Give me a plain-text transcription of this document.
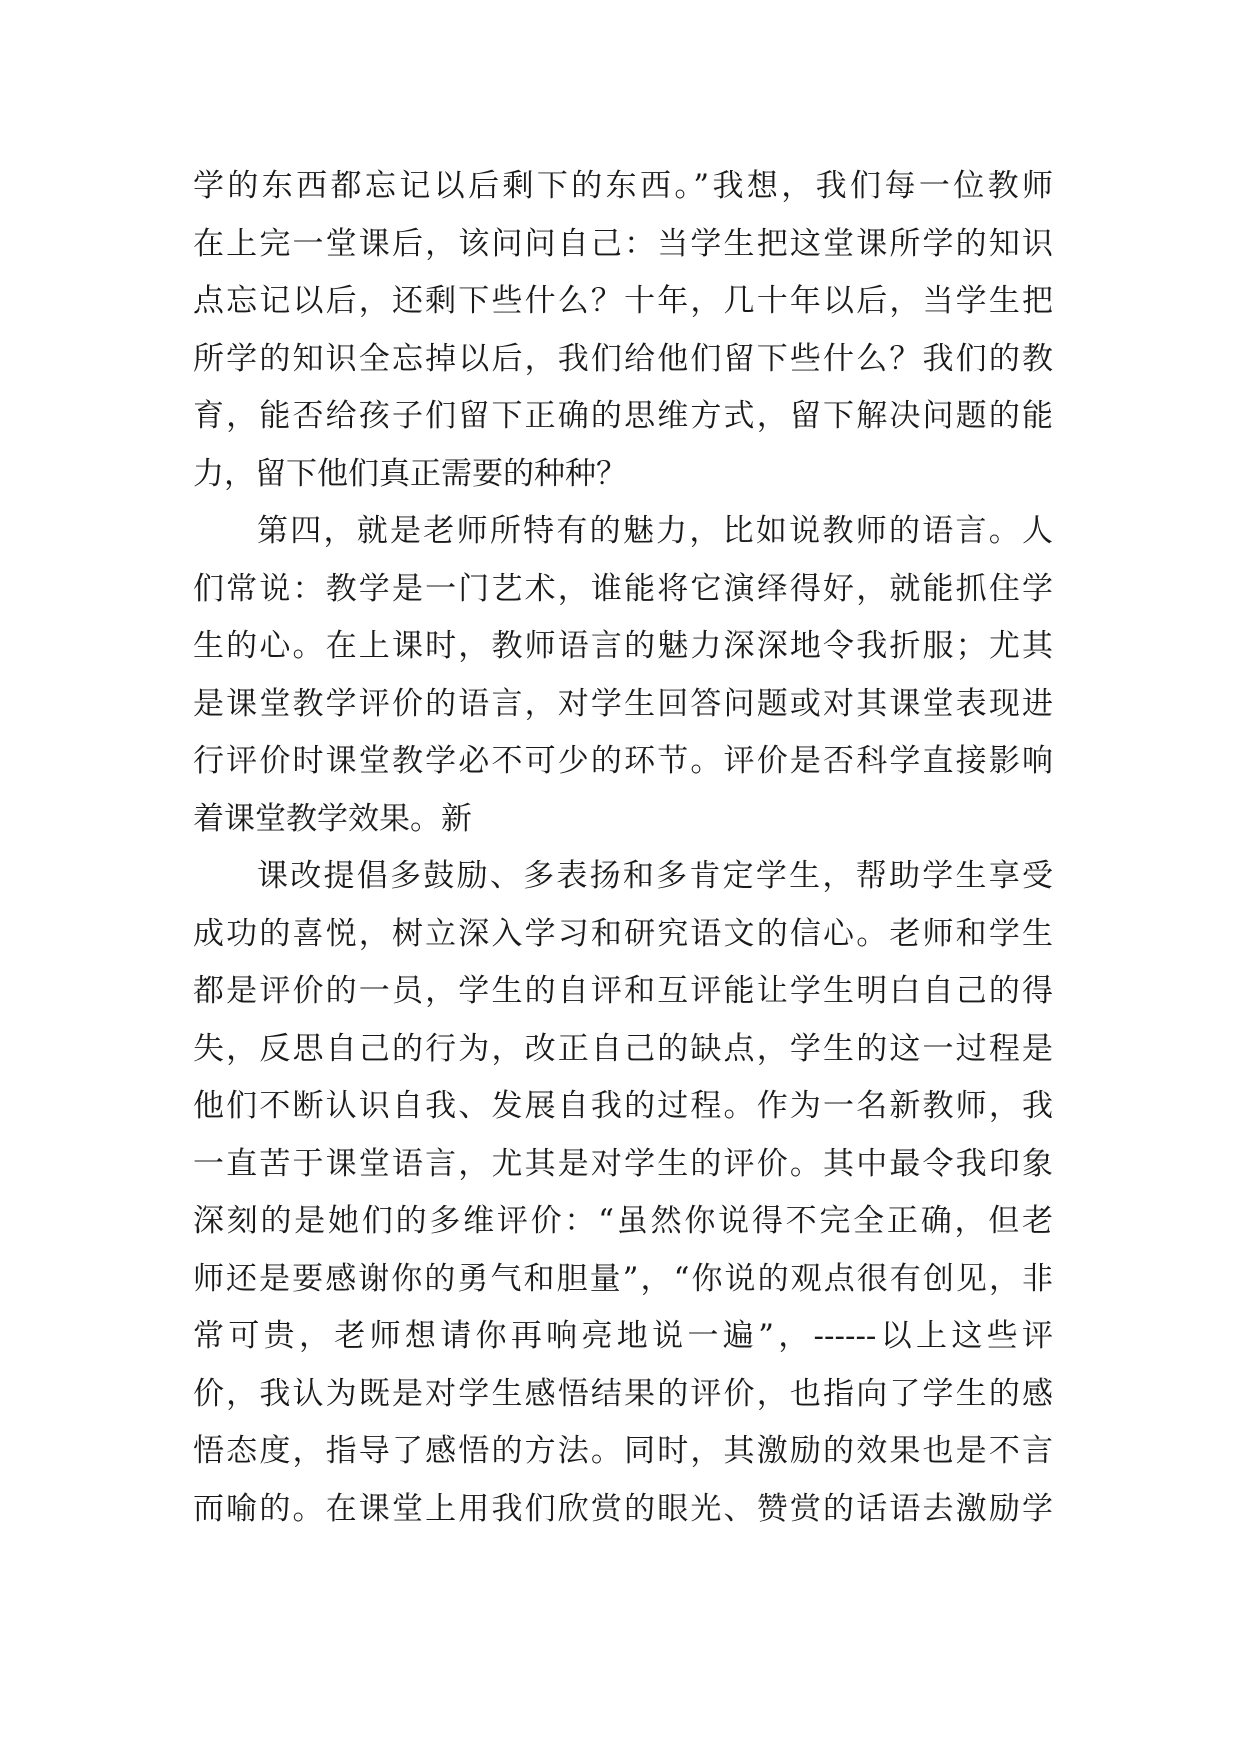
学的东西都忘记以后剩下的东西。”我想，我们每一位教师
在上完一堂课后，该问问自己：当学生把这堂课所学的知识
点忘记以后，还剩下些什么？十年，几十年以后，当学生把
所学的知识全忘掉以后，我们给他们留下些什么？我们的教
育，能否给孩子们留下正确的思维方式，留下解决问题的能
力，留下他们真正需要的种种？
第四，就是老师所特有的魅力，比如说教师的语言。人
们常说：教学是一门艺术，谁能将它演绎得好，就能抓住学
生的心。在上课时，教师语言的魅力深深地令我折服；尤其
是课堂教学评价的语言，对学生回答问题或对其课堂表现进
行评价时课堂教学必不可少的环节。评价是否科学直接影响
着课堂教学效果。新
课改提倡多鼓励、多表扬和多肯定学生，帮助学生享受
成功的喜悦，树立深入学习和研究语文的信心。老师和学生
都是评价的一员，学生的自评和互评能让学生明白自己的得
失，反思自己的行为，改正自己的缺点，学生的这一过程是
他们不断认识自我、发展自我的过程。作为一名新教师，我
一直苦于课堂语言，尤其是对学生的评价。其中最令我印象
深刻的是她们的多维评价：“虽然你说得不完全正确，但老
师还是要感谢你的勇气和胆量”，“你说的观点很有创见，非
常可贵，老师想请你再响亮地说一遍”，------以上这些评
价，我认为既是对学生感悟结果的评价，也指向了学生的感
悟态度，指导了感悟的方法。同时，其激励的效果也是不言
而喻的。在课堂上用我们欣赏的眼光、赞赏的话语去激励学
